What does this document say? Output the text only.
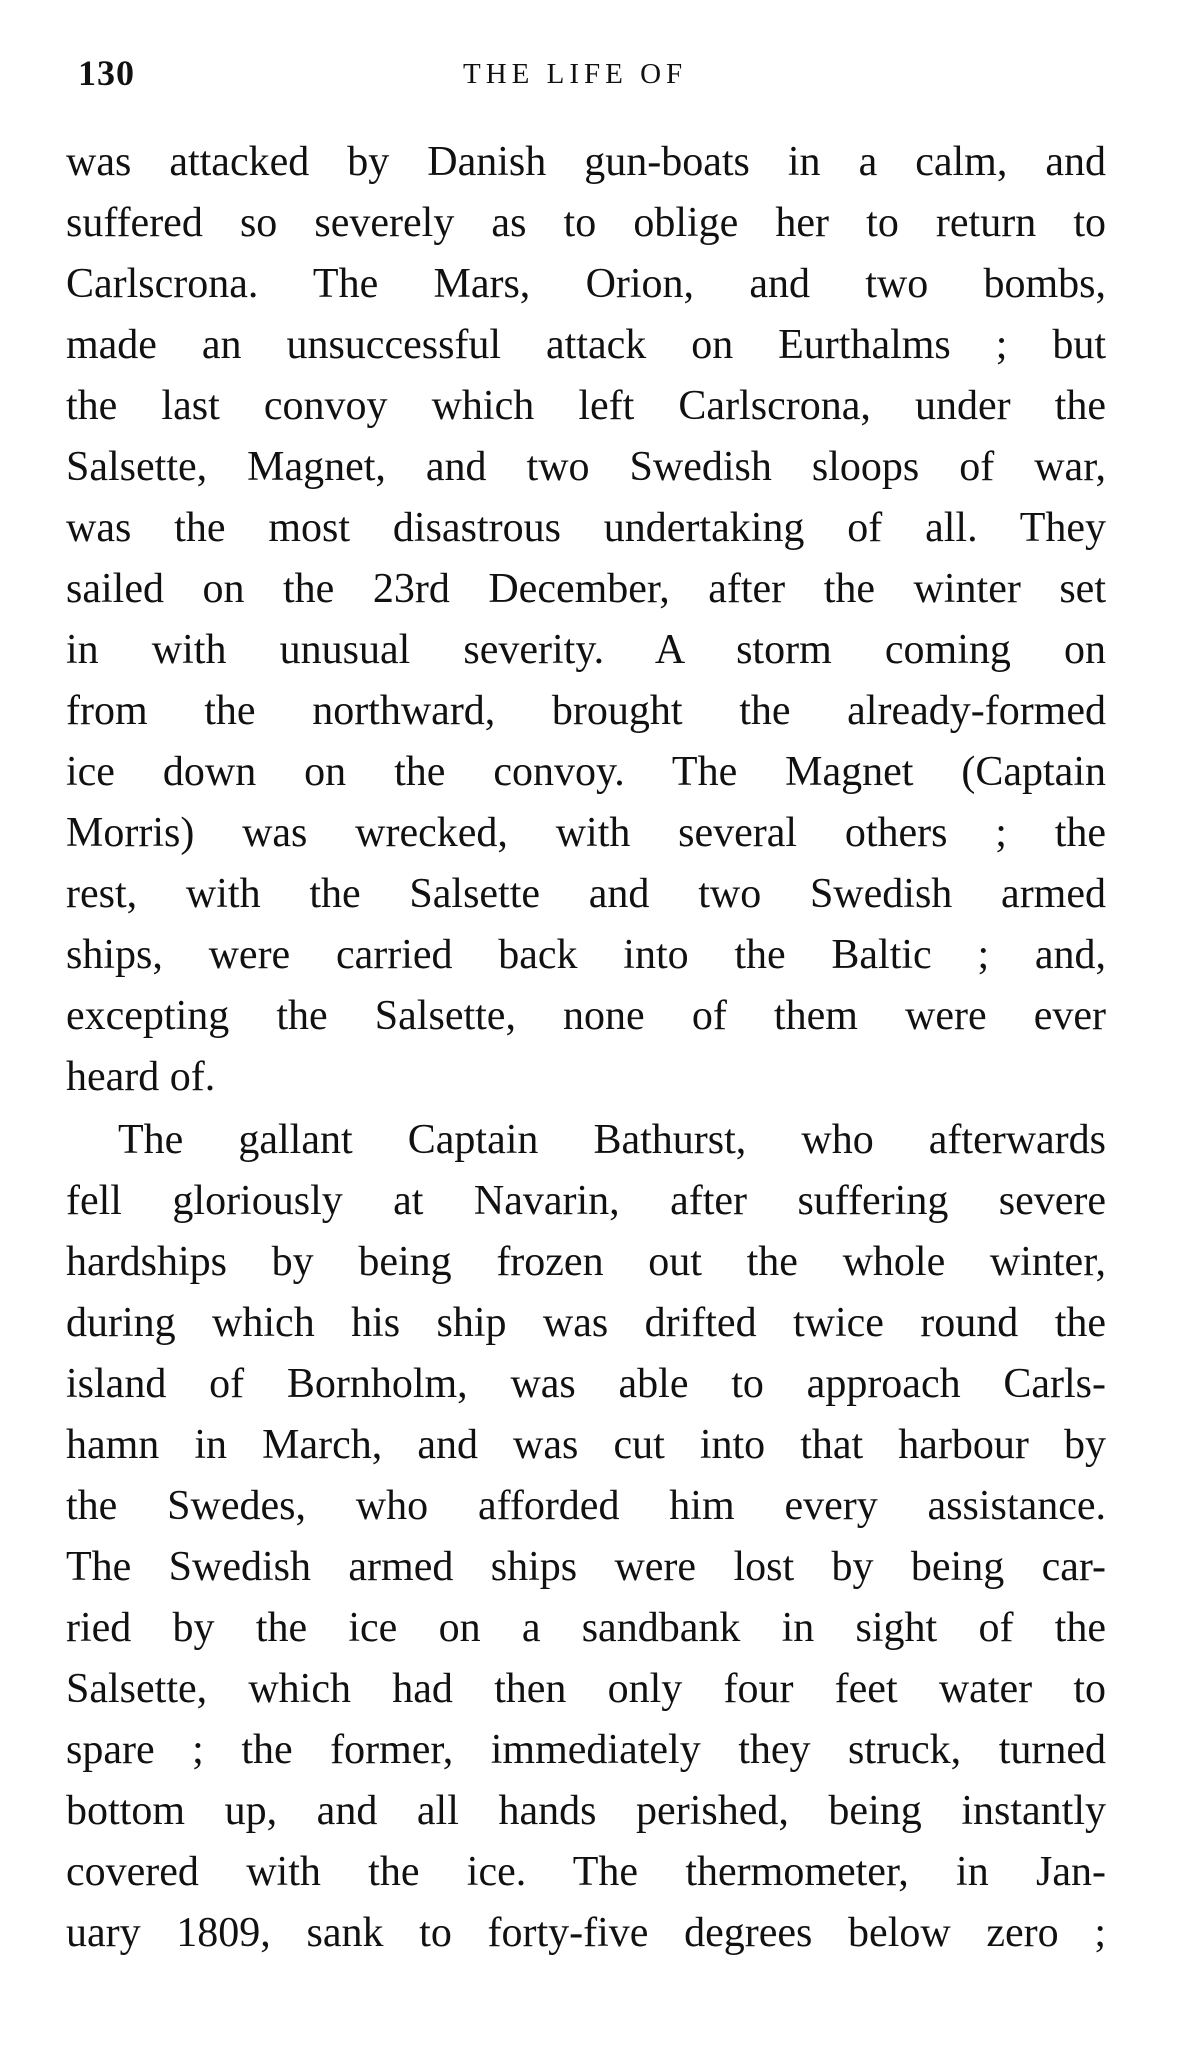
130	THE LIFE OF
was attacked by Danish gun-boats in a calm, and
suffered so severely as to oblige her to return to
Carlscrona. The Mars, Orion, and two bombs,
made an unsuccessful attack on Eurthalms ; but
the last convoy which left Carlscrona, under the
Salsette, Magnet, and two Swedish sloops of war,
was the most disastrous undertaking of all. They
sailed on the 23rd December, after the winter set
in with unusual severity. A storm coming on
from the northward, brought the already-formed
ice down on the convoy. The Magnet (Captain
Morris) was wrecked, with several others ; the
rest, with the Salsette and two Swedish armed
ships, were carried back into the Baltic ; and,
excepting the Salsette, none of them were ever
heard of.
The gallant Captain Bathurst, who afterwards
fell gloriously at Navarin, after suffering severe
hardships by being frozen out the whole winter,
during which his ship was drifted twice round the
island of Bornholm, was able to approach Carls-
hamn in March, and was cut into that harbour by
the Swedes, who afforded him every assistance.
The Swedish armed ships were lost by being car-
ried by the ice on a sandbank in sight of the
Salsette, which had then only four feet water to
spare ; the former, immediately they struck, turned
bottom up, and all hands perished, being instantly
covered with the ice. The thermometer, in Jan-
uary 1809, sank to forty-five degrees below zero ;
